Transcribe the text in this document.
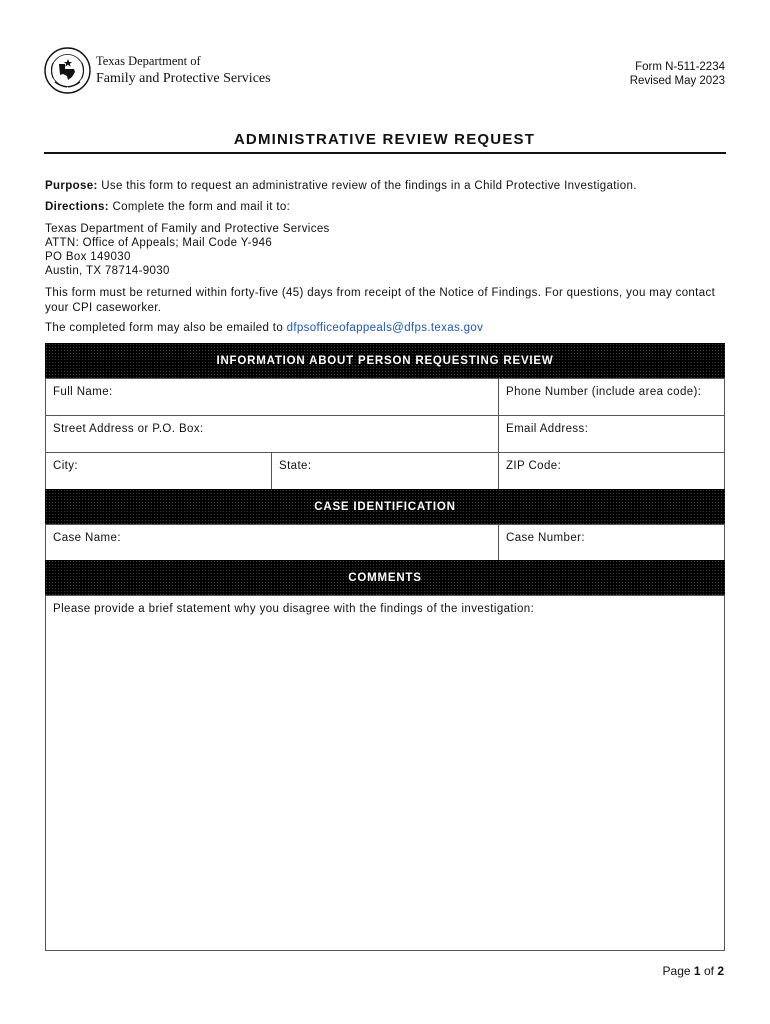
Texas Department of
Family and Protective Services
Form N-511-2234
Revised May 2023
ADMINISTRATIVE REVIEW REQUEST
Purpose: Use this form to request an administrative review of the findings in a Child Protective Investigation.
Directions: Complete the form and mail it to:
Texas Department of Family and Protective Services
ATTN: Office of Appeals; Mail Code Y-946
PO Box 149030
Austin, TX 78714-9030
This form must be returned within forty-five (45) days from receipt of the Notice of Findings. For questions, you may contact your CPI caseworker.
The completed form may also be emailed to dfpsofficeofappeals@dfps.texas.gov
INFORMATION ABOUT PERSON REQUESTING REVIEW
Full Name:	Phone Number (include area code):
Street Address or P.O. Box:	Email Address:
City:	State:	ZIP Code:
CASE IDENTIFICATION
Case Name:	Case Number:
COMMENTS
Please provide a brief statement why you disagree with the findings of the investigation:
Page 1 of 2
